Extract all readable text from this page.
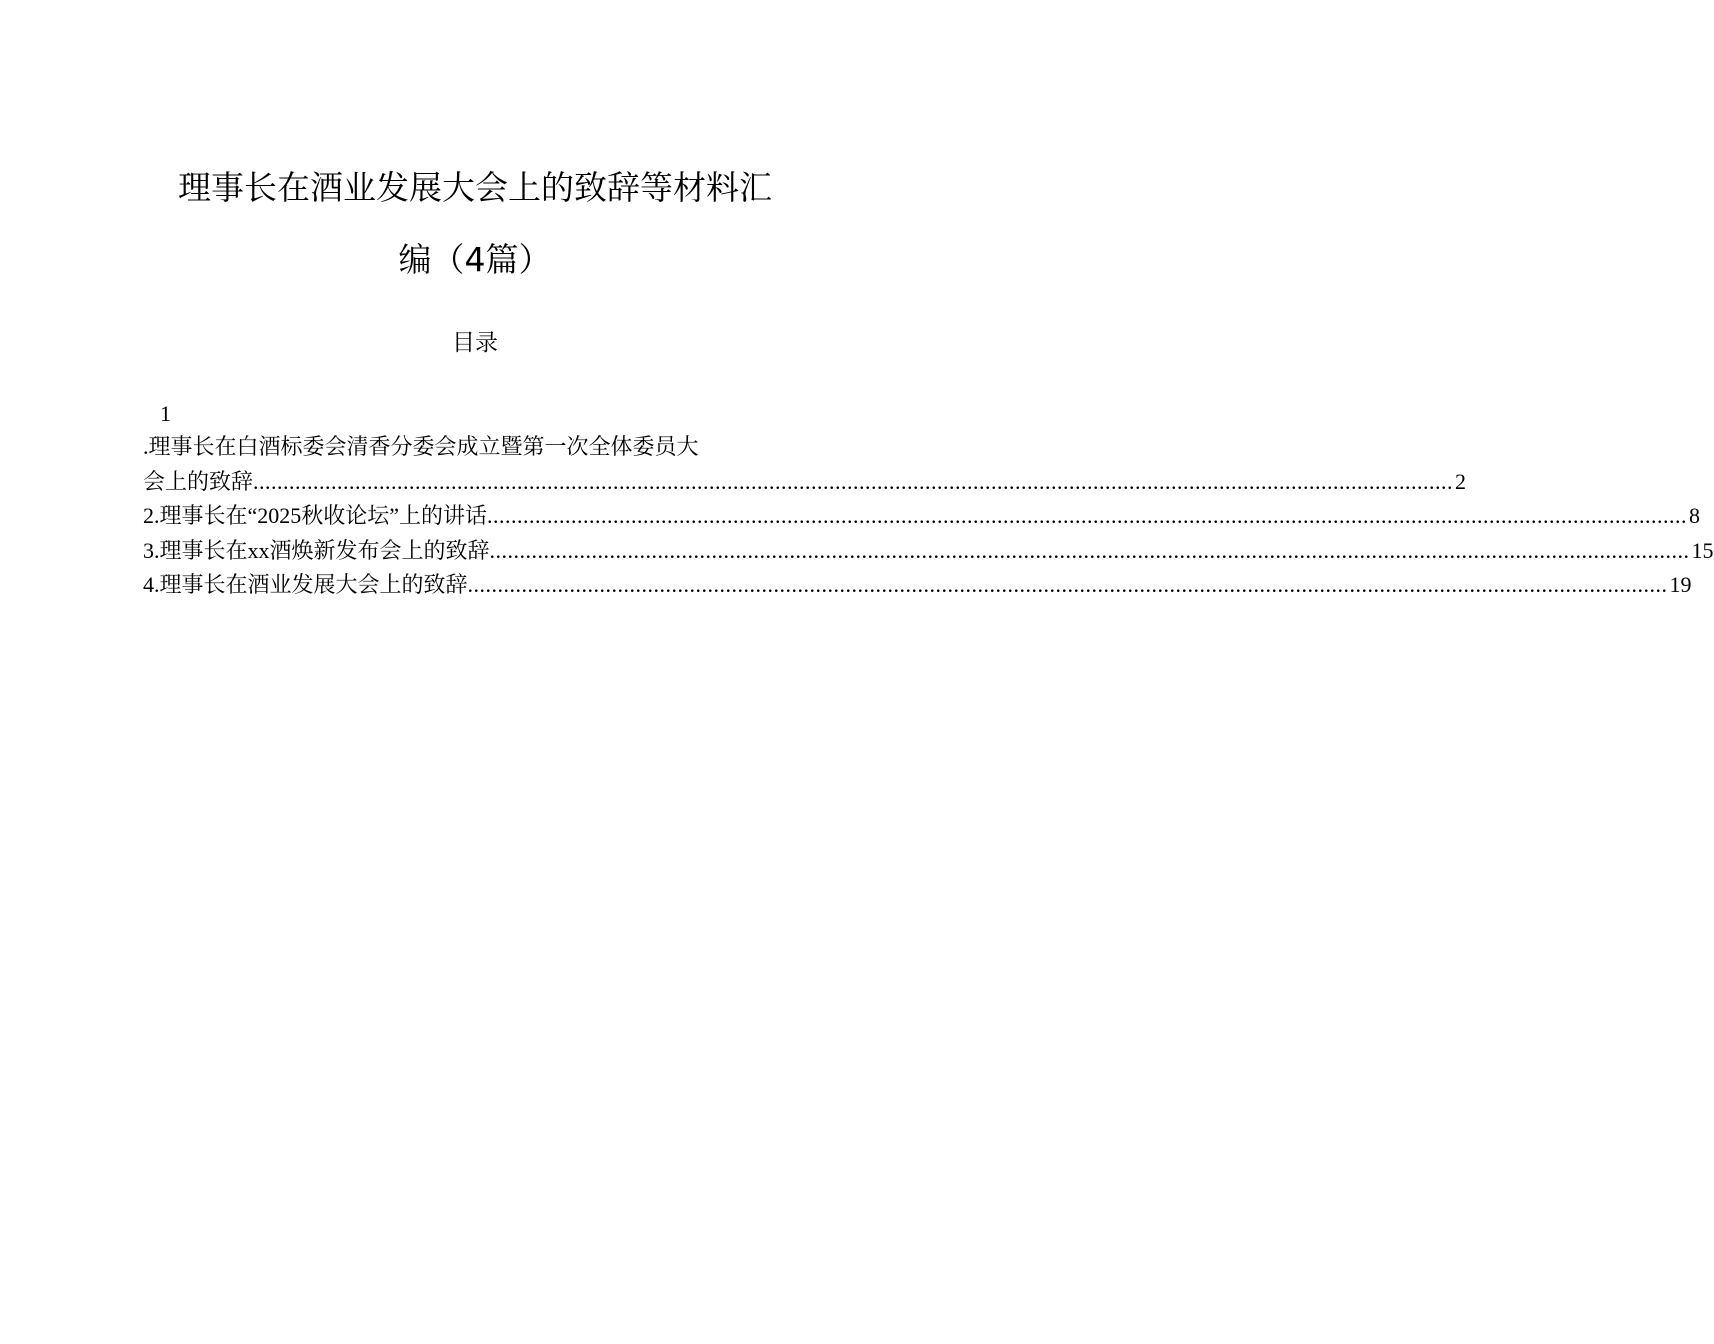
理事长在酒业发展大会上的致辞等材料汇
编（4篇）
目录
1
.理事长在白酒标委会清香分委会成立暨第一次全体委员大
会上的致辞 ........................................................................................................................................................................................................ 2
2.理事长在“2025秋收论坛”上的讲话 ........................................................................................................................................................................................................ 8
3.理事长在xx酒焕新发布会上的致辞 ........................................................................................................................................................................................................ 15
4.理事长在酒业发展大会上的致辞 ........................................................................................................................................................................................................ 19
